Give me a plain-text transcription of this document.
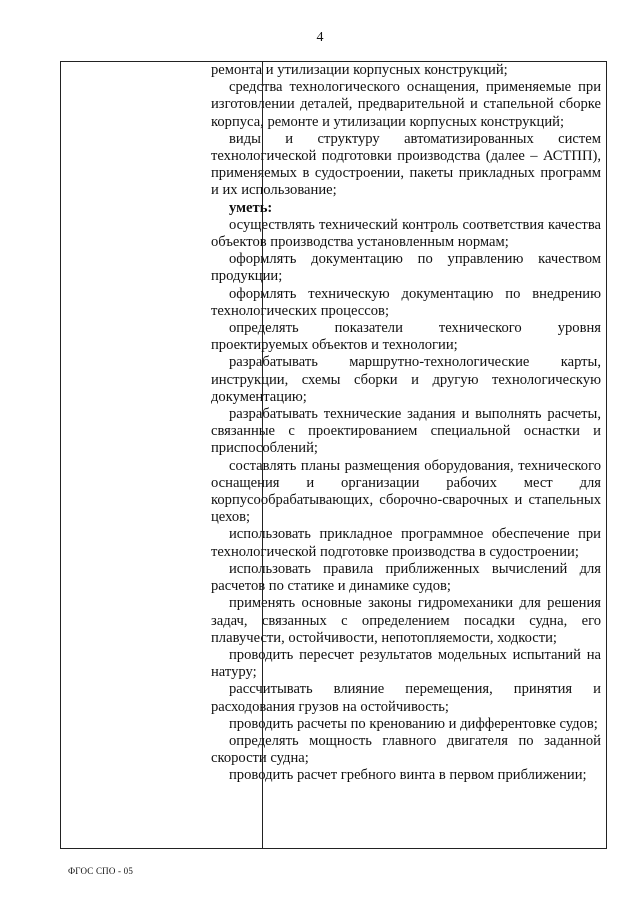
4

ремонта и утилизации корпусных конструкций;

средства технологического оснащения, применяемые при изготовлении деталей, предварительной и стапельной сборке корпуса, ремонте и утилизации корпусных конструкций;

виды и структуру автоматизированных систем технологической подготовки производства (далее – АСТПП), применяемых в судостроении, пакеты прикладных программ и их использование;

уметь:

осуществлять технический контроль соответствия качества объектов производства установленным нормам;

оформлять документацию по управлению качеством продукции;

оформлять техническую документацию по внедрению технологических процессов;

определять показатели технического уровня проектируемых объектов и технологии;

разрабатывать маршрутно-технологические карты, инструкции, схемы сборки и другую технологическую документацию;

разрабатывать технические задания и выполнять расчеты, связанные с проектированием специальной оснастки и приспособлений;

составлять планы размещения оборудования, технического оснащения и организации рабочих мест для корпусообрабатывающих, сборочно-сварочных и стапельных цехов;

использовать прикладное программное обеспечение при технологической подготовке производства в судостроении;

использовать правила приближенных вычислений для расчетов по статике и динамике судов;

применять основные законы гидромеханики для решения задач, связанных с определением посадки судна, его плавучести, остойчивости, непотопляемости, ходкости;

проводить пересчет результатов модельных испытаний на натуру;

рассчитывать влияние перемещения, принятия и расходования грузов на остойчивость;

проводить расчеты по кренованию и дифферентовке судов;

определять мощность главного двигателя по заданной скорости судна;

проводить расчет гребного винта в первом приближении;

ФГОС СПО - 05
